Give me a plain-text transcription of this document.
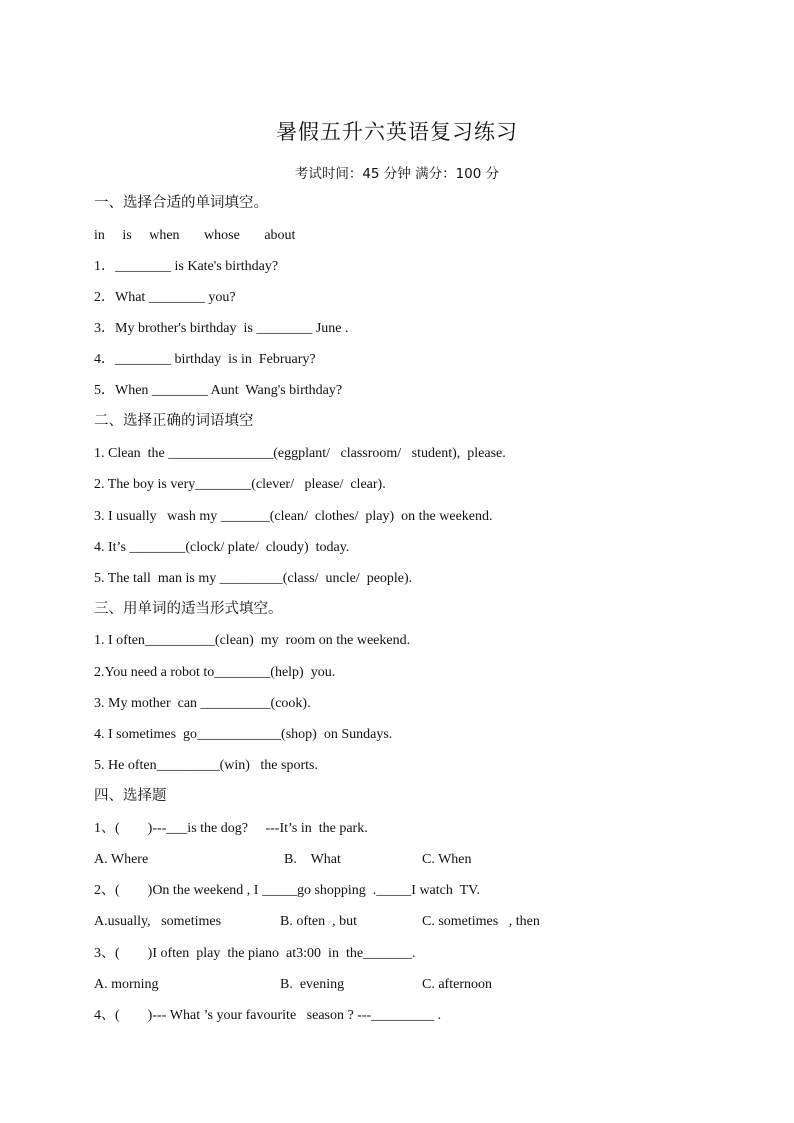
暑假五升六英语复习练习
考试时间：45 分钟 满分：100 分
一、选择合适的单词填空。
in     is     when       whose       about
1．________ is Kate's birthday?
2．What ________ you?
3．My brother's birthday  is ________ June .
4．________ birthday  is in  February?
5．When ________ Aunt  Wang's birthday?
二、选择正确的词语填空
1. Clean  the _______________(eggplant/   classroom/   student),  please.
2. The boy is very________(clever/   please/  clear).
3. I usually   wash my _______(clean/  clothes/  play)  on the weekend.
4. It’s ________(clock/ plate/  cloudy)  today.
5. The tall  man is my _________(class/  uncle/  people).
三、用单词的适当形式填空。
1. I often__________(clean)  my  room on the weekend.
2.You need a robot to________(help)  you.
3. My mother  can __________(cook).
4. I sometimes  go____________(shop)  on Sundays.
5. He often_________(win)   the sports.
四、选择题
1、(        )---___is the dog?     ---It’s in  the park.
A. Where	B.    What	C. When
2、(        )On the weekend , I _____go shopping  ._____I watch  TV.
A.usually,   sometimes	B. often  , but	C. sometimes   , then
3、(        )I often  play  the piano  at3:00  in  the_______.
A. morning	B.  evening	C. afternoon
4、(        )--- What ’s your favourite   season ? ---_________ .
